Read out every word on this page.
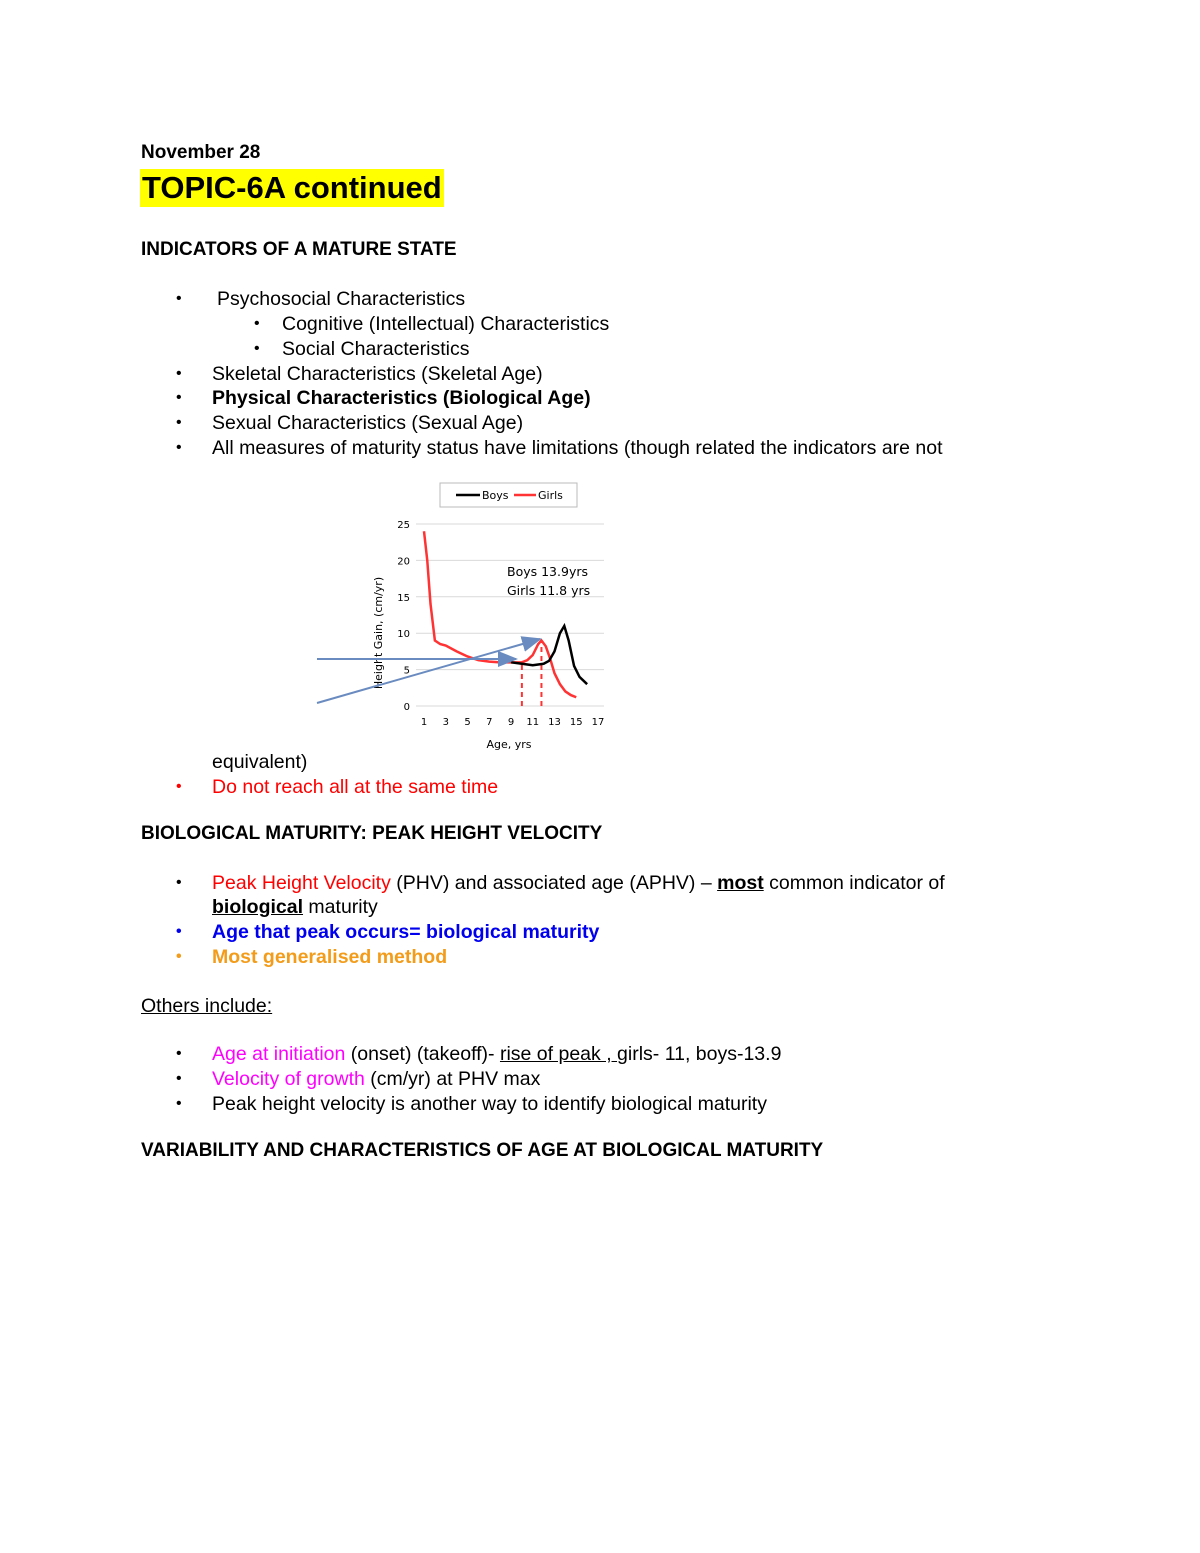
November 28
TOPIC-6A continued
INDICATORS OF A MATURE STATE
• Psychosocial Characteristics
• Cognitive (Intellectual) Characteristics
• Social Characteristics
• Skeletal Characteristics (Skeletal Age)
• Physical Characteristics (Biological Age)
• Sexual Characteristics (Sexual Age)
• All measures of maturity status have limitations (though related the indicators are not
Boys	Girls
0
5
10
15
20
25
1 3 5 7 9 11 13 15 17
Height Gain, (cm/yr)
Age, yrs
Boys 13.9yrs
Girls 11.8 yrs
equivalent)
• Do not reach all at the same time
BIOLOGICAL MATURITY: PEAK HEIGHT VELOCITY
• Peak Height Velocity (PHV) and associated age (APHV) – most common indicator of
biological maturity
• Age that peak occurs= biological maturity
• Most generalised method
Others include:
• Age at initiation (onset) (takeoff)- rise of peak , girls- 11, boys-13.9
• Velocity of growth (cm/yr) at PHV max
• Peak height velocity is another way to identify biological maturity
VARIABILITY AND CHARACTERISTICS OF AGE AT BIOLOGICAL MATURITY
